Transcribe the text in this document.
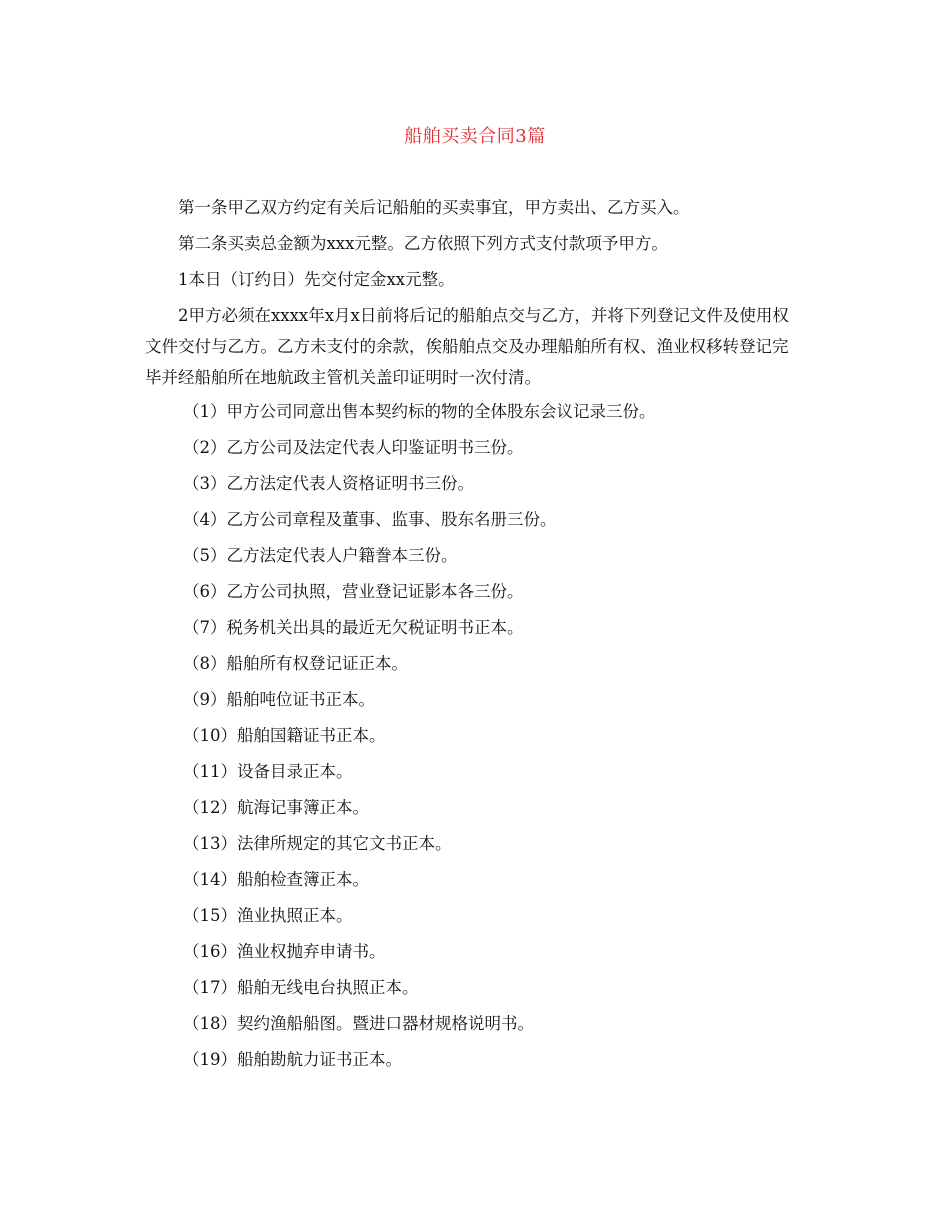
船舶买卖合同3篇

第一条甲乙双方约定有关后记船舶的买卖事宜，甲方卖出、乙方买入。

第二条买卖总金额为xxx元整。乙方依照下列方式支付款项予甲方。

1本日（订约日）先交付定金xx元整。

2甲方必须在xxxx年x月x日前将后记的船舶点交与乙方，并将下列登记文件及使用权文件交付与乙方。乙方未支付的余款，俟船舶点交及办理船舶所有权、渔业权移转登记完毕并经船舶所在地航政主管机关盖印证明时一次付清。

（1）甲方公司同意出售本契约标的物的全体股东会议记录三份。
（2）乙方公司及法定代表人印鉴证明书三份。
（3）乙方法定代表人资格证明书三份。
（4）乙方公司章程及董事、监事、股东名册三份。
（5）乙方法定代表人户籍誊本三份。
（6）乙方公司执照，营业登记证影本各三份。
（7）税务机关出具的最近无欠税证明书正本。
（8）船舶所有权登记证正本。
（9）船舶吨位证书正本。
（10）船舶国籍证书正本。
（11）设备目录正本。
（12）航海记事簿正本。
（13）法律所规定的其它文书正本。
（14）船舶检查簿正本。
（15）渔业执照正本。
（16）渔业权抛弃申请书。
（17）船舶无线电台执照正本。
（18）契约渔船船图。暨进口器材规格说明书。
（19）船舶勘航力证书正本。
